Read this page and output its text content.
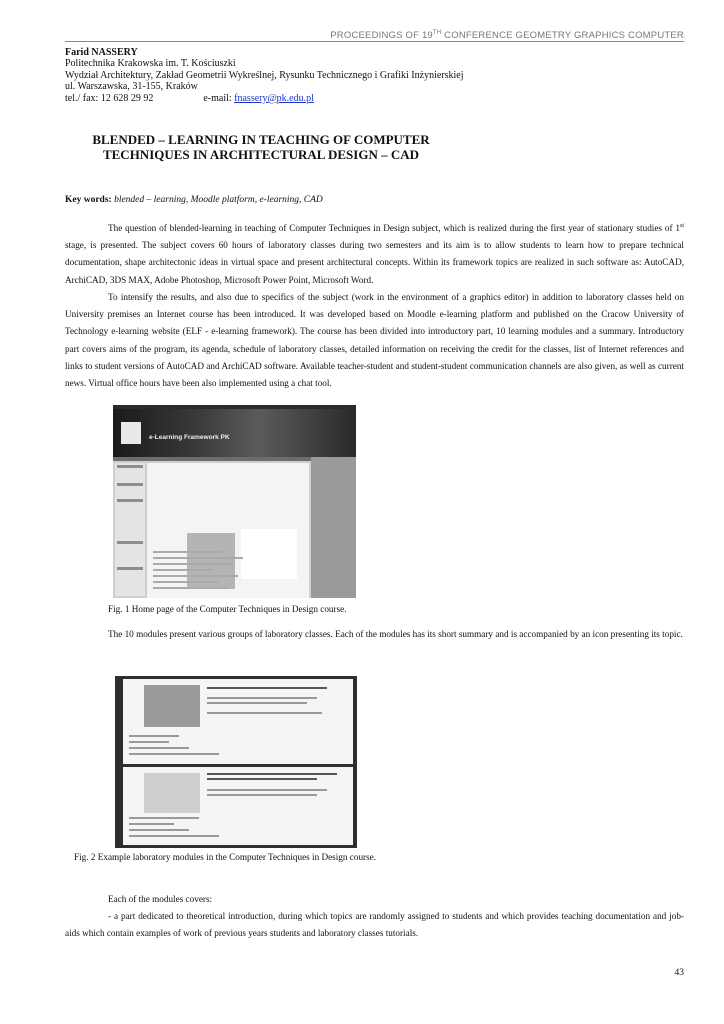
PROCEEDINGS OF 19TH CONFERENCE GEOMETRY GRAPHICS COMPUTER
Farid NASSERY
Politechnika Krakowska im. T. Kościuszki
Wydział Architektury, Zakład Geometrii Wykreślnej, Rysunku Technicznego i Grafiki Inżynierskiej
ul. Warszawska, 31-155, Kraków
tel./ fax: 12 628 29 92	e-mail: fnassery@pk.edu.pl
BLENDED – LEARNING IN TEACHING OF COMPUTER
TECHNIQUES IN ARCHITECTURAL DESIGN – CAD
Key words: blended – learning, Moodle platform, e-learning, CAD

The question of blended-learning in teaching of Computer Techniques in Design subject, which is realized during the first year of stationary studies of 1st stage, is presented. The subject covers 60 hours of laboratory classes during two semesters and its aim is to allow students to learn how to prepare technical documentation, shape architectonic ideas in virtual space and present architectural concepts. Within its framework topics are realized in such software as: AutoCAD, ArchiCAD, 3DS MAX, Adobe Photoshop, Microsoft Power Point, Microsoft Word.

To intensify the results, and also due to specifics of the subject (work in the environment of a graphics editor) in addition to laboratory classes held on University premises an Internet course has been introduced. It was developed based on Moodle e-learning platform and published on the Cracow University of Technology e-learning website (ELF - e-learning framework). The course has been divided into introductory part, 10 learning modules and a summary. Introductory part covers aims of the program, its agenda, schedule of laboratory classes, detailed information on receiving the credit for the classes, list of Internet references and links to student versions of AutoCAD and ArchiCAD software. Available teacher-student and student-student communication channels are also given, as well as current news. Virtual office hours have been also implemented using a chat tool.

e-Learning Framework PK
Fig. 1 Home page of the Computer Techniques in Design course.

The 10 modules present various groups of laboratory classes. Each of the modules has its short summary and is accompanied by an icon presenting its topic.

Fig. 2 Example laboratory modules in the Computer Techniques in Design course.

Each of the modules covers:

- a part dedicated to theoretical introduction, during which topics are randomly assigned to students and which provides teaching documentation and job-aids which contain examples of work of previous years students and laboratory classes tutorials.

43
